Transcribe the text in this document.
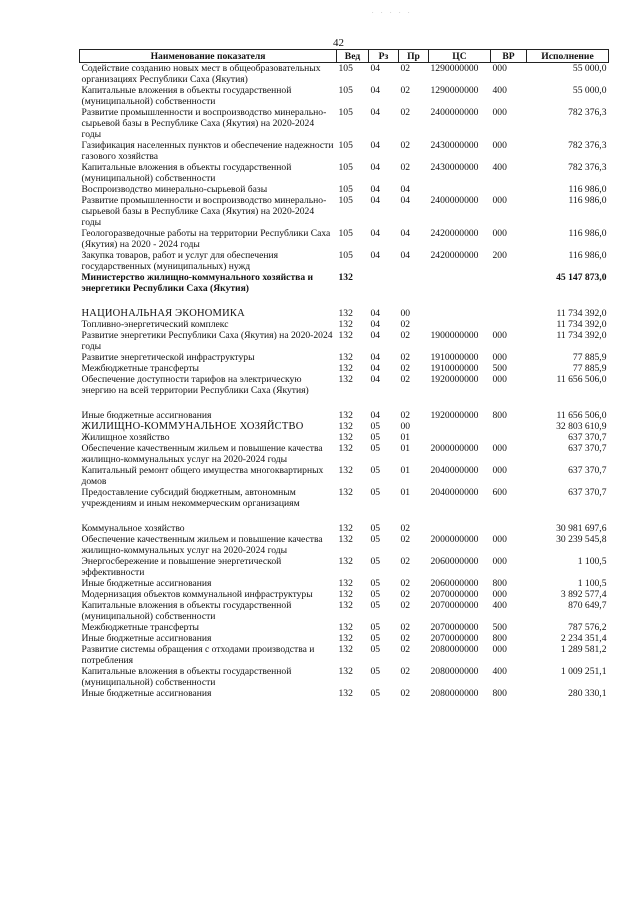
. . . . .
42
Наименование показателя	Вед	Рз	Пр	ЦС	ВР	Исполнение
Содействие созданию новых мест в общеобразовательных организациях Республики Саха (Якутия)	105	04	02	1290000000	000	55 000,0
Капитальные вложения в объекты государственной (муниципальной) собственности	105	04	02	1290000000	400	55 000,0
Развитие промышленности и воспроизводство минерально-сырьевой базы в Республике Саха (Якутия) на 2020-2024 годы	105	04	02	2400000000	000	782 376,3
Газификация населенных пунктов и обеспечение надежности газового хозяйства	105	04	02	2430000000	000	782 376,3
Капитальные вложения в объекты государственной (муниципальной) собственности	105	04	02	2430000000	400	782 376,3
Воспроизводство минерально-сырьевой базы	105	04	04			116 986,0
Развитие промышленности и воспроизводство минерально-сырьевой базы в Республике Саха (Якутия) на 2020-2024 годы	105	04	04	2400000000	000	116 986,0
Геологоразведочные работы на территории Республики Саха (Якутия) на 2020 - 2024 годы	105	04	04	2420000000	000	116 986,0
Закупка товаров, работ и услуг для обеспечения государственных (муниципальных) нужд	105	04	04	2420000000	200	116 986,0
Министерство жилищно-коммунального хозяйства и энергетики Республики Саха (Якутия)	132					45 147 873,0
НАЦИОНАЛЬНАЯ ЭКОНОМИКА	132	04	00			11 734 392,0
Топливно-энергетический комплекс	132	04	02			11 734 392,0
Развитие энергетики Республики Саха (Якутия) на 2020-2024 годы	132	04	02	1900000000	000	11 734 392,0
Развитие энергетической инфраструктуры	132	04	02	1910000000	000	77 885,9
Межбюджетные трансферты	132	04	02	1910000000	500	77 885,9
Обеспечение доступности тарифов на электрическую энергию на всей территории Республики Саха (Якутия)	132	04	02	1920000000	000	11 656 506,0
Иные бюджетные ассигнования	132	04	02	1920000000	800	11 656 506,0
ЖИЛИЩНО-КОММУНАЛЬНОЕ ХОЗЯЙСТВО	132	05	00			32 803 610,9
Жилищное хозяйство	132	05	01			637 370,7
Обеспечение качественным жильем и повышение качества жилищно-коммунальных услуг на 2020-2024 годы	132	05	01	2000000000	000	637 370,7
Капитальный ремонт общего имущества многоквартирных домов	132	05	01	2040000000	000	637 370,7
Предоставление субсидий бюджетным, автономным учреждениям и иным некоммерческим организациям	132	05	01	2040000000	600	637 370,7
Коммунальное хозяйство	132	05	02			30 981 697,6
Обеспечение качественным жильем и повышение качества жилищно-коммунальных услуг на 2020-2024 годы	132	05	02	2000000000	000	30 239 545,8
Энергосбережение и повышение энергетической эффективности	132	05	02	2060000000	000	1 100,5
Иные бюджетные ассигнования	132	05	02	2060000000	800	1 100,5
Модернизация объектов коммунальной инфраструктуры	132	05	02	2070000000	000	3 892 577,4
Капитальные вложения в объекты государственной (муниципальной) собственности	132	05	02	2070000000	400	870 649,7
Межбюджетные трансферты	132	05	02	2070000000	500	787 576,2
Иные бюджетные ассигнования	132	05	02	2070000000	800	2 234 351,4
Развитие системы обращения с отходами производства и потребления	132	05	02	2080000000	000	1 289 581,2
Капитальные вложения в объекты государственной (муниципальной) собственности	132	05	02	2080000000	400	1 009 251,1
Иные бюджетные ассигнования	132	05	02	2080000000	800	280 330,1
